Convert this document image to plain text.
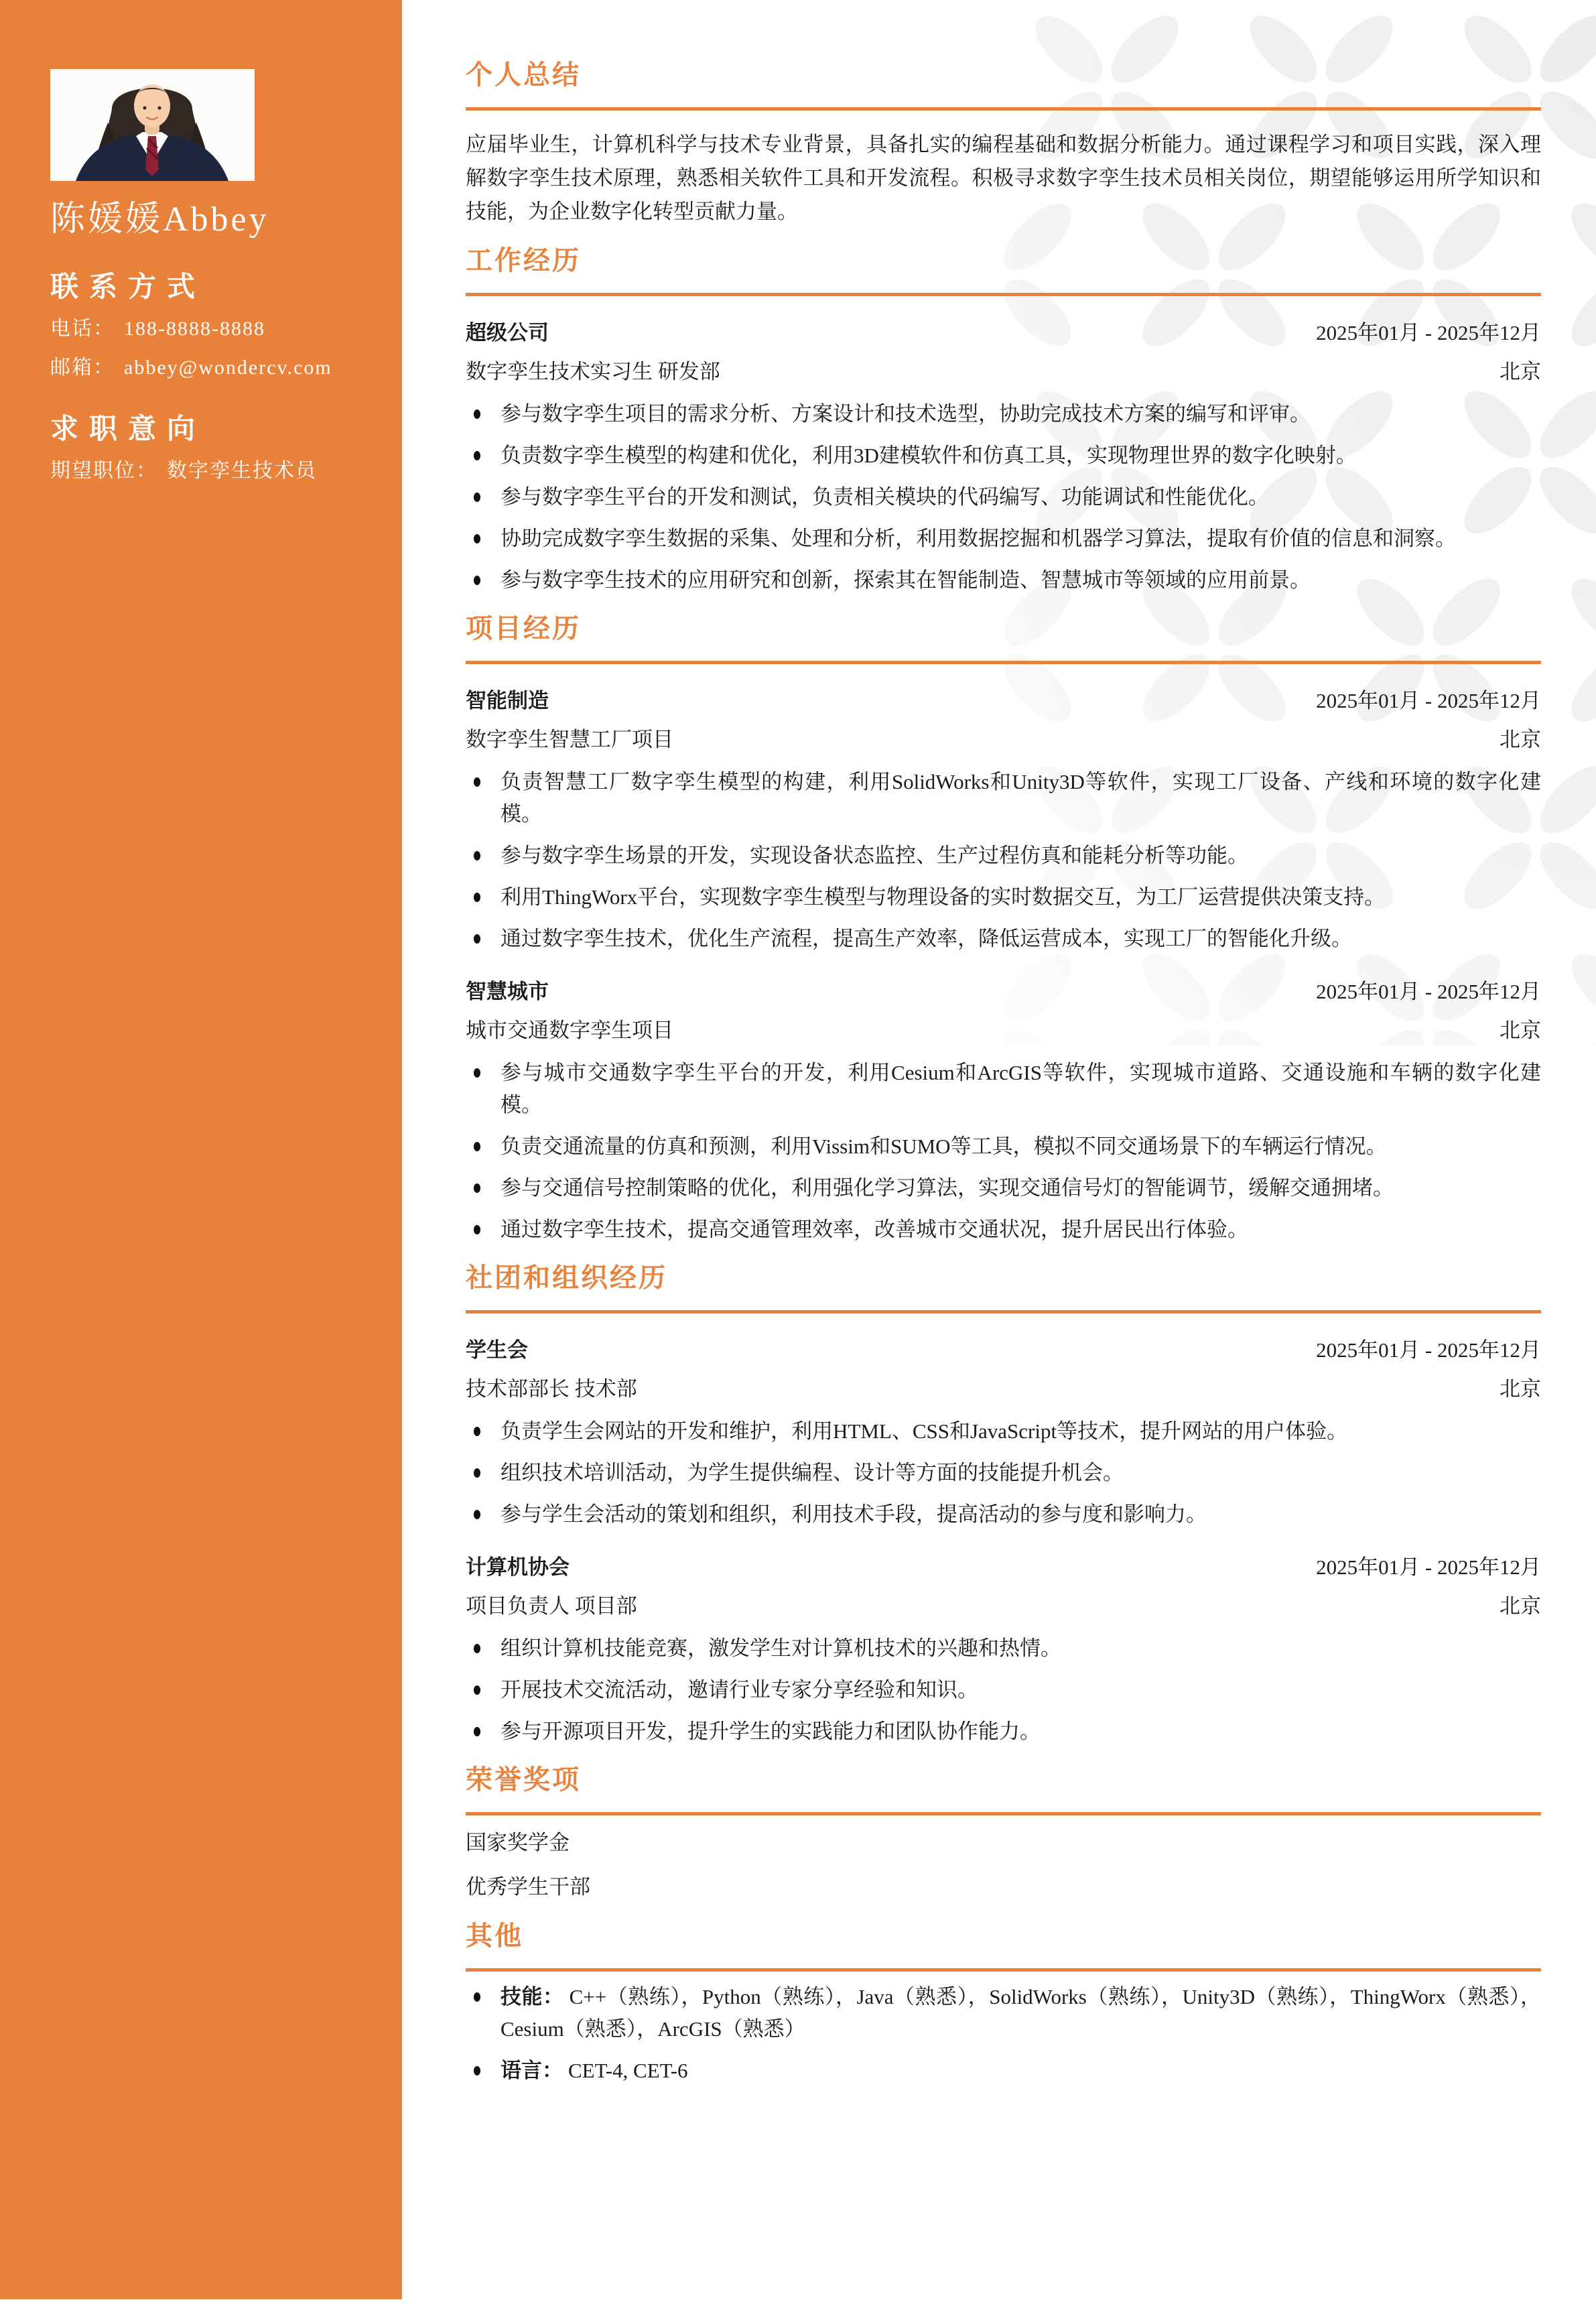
陈媛媛Abbey
联系方式
电话： 188-8888-8888
邮箱： abbey@wondercv.com
求职意向
期望职位： 数字孪生技术员
个人总结

应届毕业生，计算机科学与技术专业背景，具备扎实的编程基础和数据分析能力。通过课程学习和项目实践，深入理解数字孪生技术原理，熟悉相关软件工具和开发流程。积极寻求数字孪生技术员相关岗位，期望能够运用所学知识和技能，为企业数字化转型贡献力量。

工作经历
超级公司	2025年01月 - 2025年12月
数字孪生技术实习生 研发部	北京
参与数字孪生项目的需求分析、方案设计和技术选型，协助完成技术方案的编写和评审。
负责数字孪生模型的构建和优化，利用3D建模软件和仿真工具，实现物理世界的数字化映射。
参与数字孪生平台的开发和测试，负责相关模块的代码编写、功能调试和性能优化。
协助完成数字孪生数据的采集、处理和分析，利用数据挖掘和机器学习算法，提取有价值的信息和洞察。
参与数字孪生技术的应用研究和创新，探索其在智能制造、智慧城市等领域的应用前景。
项目经历
智能制造	2025年01月 - 2025年12月
数字孪生智慧工厂项目	北京
负责智慧工厂数字孪生模型的构建，利用SolidWorks和Unity3D等软件，实现工厂设备、产线和环境的数字化建模。
参与数字孪生场景的开发，实现设备状态监控、生产过程仿真和能耗分析等功能。
利用ThingWorx平台，实现数字孪生模型与物理设备的实时数据交互，为工厂运营提供决策支持。
通过数字孪生技术，优化生产流程，提高生产效率，降低运营成本，实现工厂的智能化升级。
智慧城市	2025年01月 - 2025年12月
城市交通数字孪生项目	北京
参与城市交通数字孪生平台的开发，利用Cesium和ArcGIS等软件，实现城市道路、交通设施和车辆的数字化建模。
负责交通流量的仿真和预测，利用Vissim和SUMO等工具，模拟不同交通场景下的车辆运行情况。
参与交通信号控制策略的优化，利用强化学习算法，实现交通信号灯的智能调节，缓解交通拥堵。
通过数字孪生技术，提高交通管理效率，改善城市交通状况，提升居民出行体验。
社团和组织经历
学生会	2025年01月 - 2025年12月
技术部部长 技术部	北京
负责学生会网站的开发和维护，利用HTML、CSS和JavaScript等技术，提升网站的用户体验。
组织技术培训活动，为学生提供编程、设计等方面的技能提升机会。
参与学生会活动的策划和组织，利用技术手段，提高活动的参与度和影响力。
计算机协会	2025年01月 - 2025年12月
项目负责人 项目部	北京
组织计算机技能竞赛，激发学生对计算机技术的兴趣和热情。
开展技术交流活动，邀请行业专家分享经验和知识。
参与开源项目开发，提升学生的实践能力和团队协作能力。
荣誉奖项
国家奖学金
优秀学生干部
其他
技能： C++（熟练），Python（熟练），Java（熟悉），SolidWorks（熟练），Unity3D（熟练），ThingWorx（熟悉），Cesium（熟悉），ArcGIS（熟悉）
语言： CET-4, CET-6
